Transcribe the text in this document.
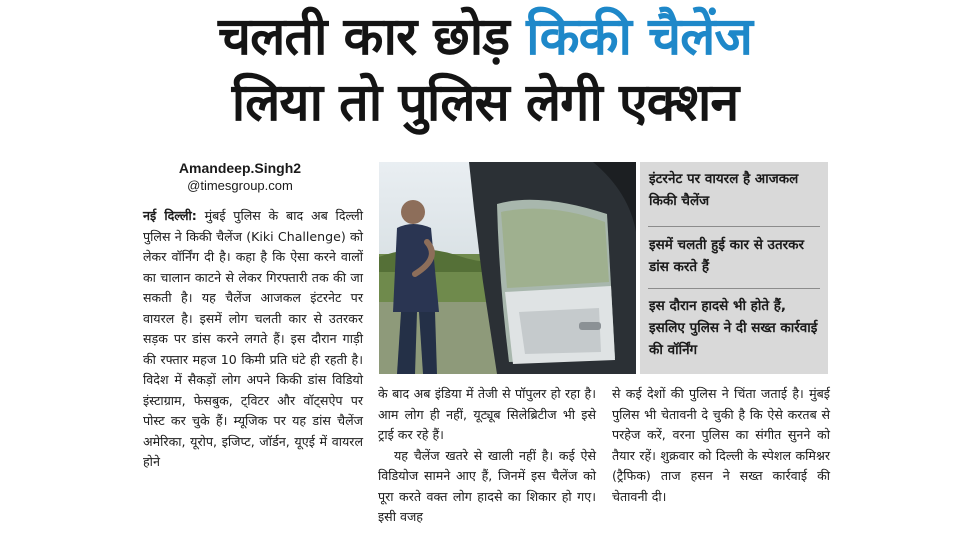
चलती कार छोड़ किकी चैलेंज
लिया तो पुलिस लेगी एक्शन
Amandeep.Singh2
@timesgroup.com

नई दिल्ली: मुंबई पुलिस के बाद अब दिल्ली पुलिस ने किकी चैलेंज (Kiki Challenge) को लेकर वॉर्निंग दी है। कहा है कि ऐसा करने वालों का चालान काटने से लेकर गिरफ्तारी तक की जा सकती है। यह चैलेंज आजकल इंटरनेट पर वायरल है। इसमें लोग चलती कार से उतरकर सड़क पर डांस करने लगते हैं। इस दौरान गाड़ी की रफ्तार महज 10 किमी प्रति घंटे ही रहती है। विदेश में सैकड़ों लोग अपने किकी डांस विडियो इंस्टाग्राम, फेसबुक, ट्विटर और वॉट्सऐप पर पोस्ट कर चुके हैं। म्यूजिक पर यह डांस चैलेंज अमेरिका, यूरोप, इजिप्ट, जॉर्डन, यूएई में वायरल होने

इंटरनेट पर वायरल है आजकल किकी चैलेंज
इसमें चलती हुई कार से उतरकर डांस करते हैं
इस दौरान हादसे भी होते हैं, इसलिए पुलिस ने दी सख्त कार्रवाई की वॉर्निंग

के बाद अब इंडिया में तेजी से पॉपुलर हो रहा है। आम लोग ही नहीं, यूट्यूब सिलेब्रिटीज भी इसे ट्राई कर रहे हैं।

यह चैलेंज खतरे से खाली नहीं है। कई ऐसे विडियोज सामने आए हैं, जिनमें इस चैलेंज को पूरा करते वक्त लोग हादसे का शिकार हो गए। इसी वजह

से कई देशों की पुलिस ने चिंता जताई है। मुंबई पुलिस भी चेतावनी दे चुकी है कि ऐसे करतब से परहेज करें, वरना पुलिस का संगीत सुनने को तैयार रहें। शुक्रवार को दिल्ली के स्पेशल कमिश्नर (ट्रैफिक) ताज हसन ने सख्त कार्रवाई की चेतावनी दी।
